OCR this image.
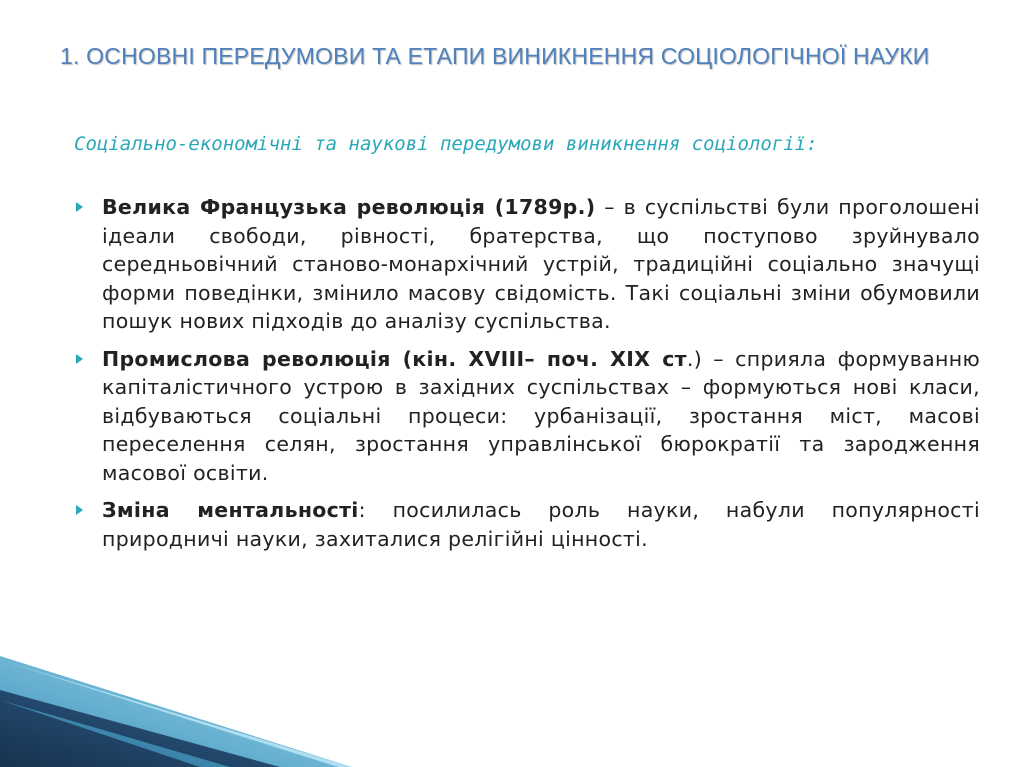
1. ОСНОВНІ ПЕРЕДУМОВИ ТА ЕТАПИ ВИНИКНЕННЯ СОЦІОЛОГІЧНОЇ НАУКИ

Соціально-економічні та наукові передумови виникнення соціології:

Велика Французька революція (1789р.) – в суспільстві були проголошені ідеали свободи, рівності, братерства, що поступово зруйнувало середньовічний станово-монархічний устрій, традиційні соціально значущі форми поведінки, змінило масову свідомість. Такі соціальні зміни обумовили пошук нових підходів до аналізу суспільства.
Промислова революція (кін. XVIII– поч. XIX ст.) – сприяла формуванню капіталістичного устрою в західних суспільствах – формуються нові класи, відбуваються соціальні процеси: урбанізації, зростання міст, масові переселення селян, зростання управлінської бюрократії та зародження масової освіти.
Зміна ментальності: посилилась роль науки, набули популярності природничі науки, захиталися релігійні цінності.
